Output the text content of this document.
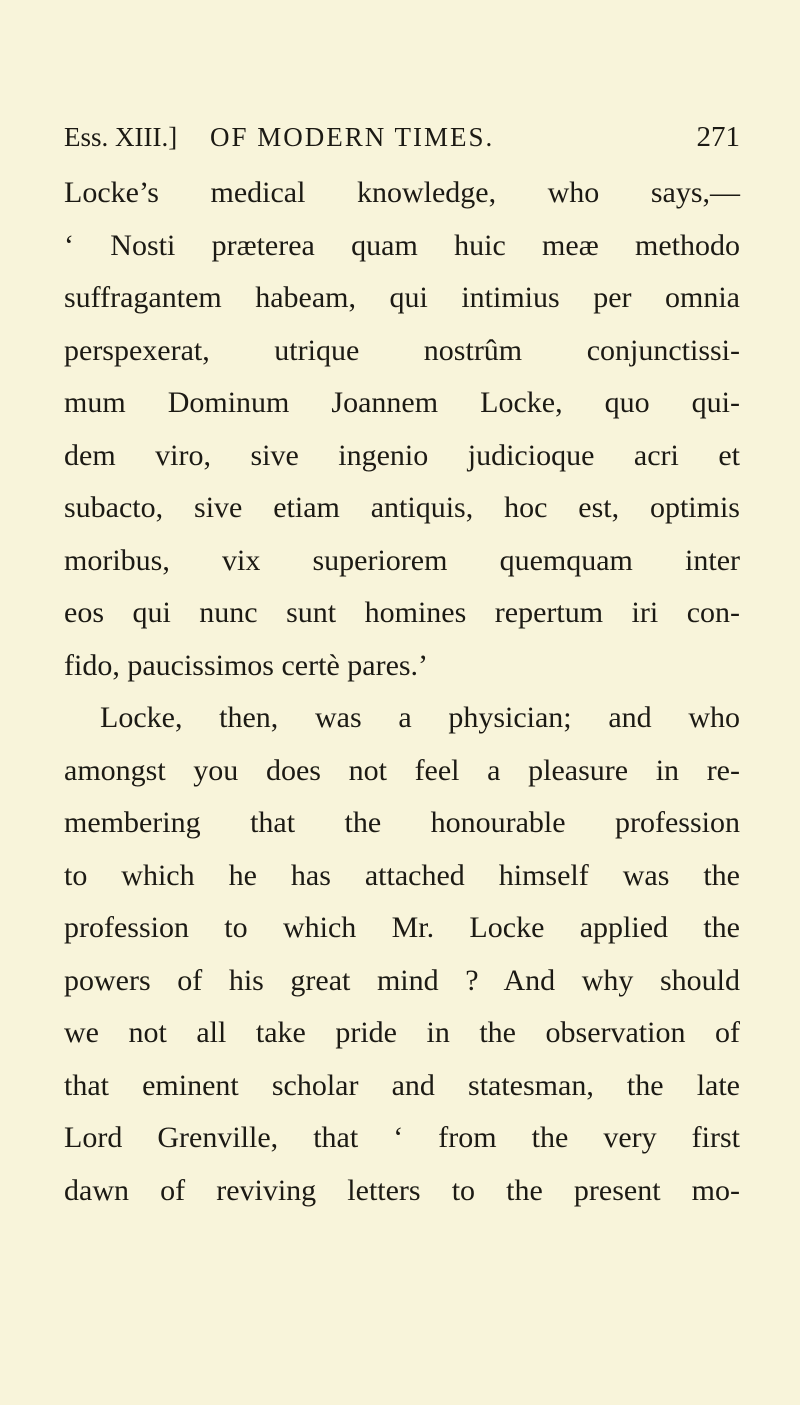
Ess. XIII.] OF MODERN TIMES.	271
Locke’s medical knowledge, who says,—
‘ Nosti præterea quam huic meæ methodo
suffragantem habeam, qui intimius per omnia
perspexerat, utrique nostrûm conjunctissi-
mum Dominum Joannem Locke, quo qui-
dem viro, sive ingenio judicioque acri et
subacto, sive etiam antiquis, hoc est, optimis
moribus, vix superiorem quemquam inter
eos qui nunc sunt homines repertum iri con-
fido, paucissimos certè pares.’
Locke, then, was a physician; and who
amongst you does not feel a pleasure in re-
membering that the honourable profession
to which he has attached himself was the
profession to which Mr. Locke applied the
powers of his great mind ? And why should
we not all take pride in the observation of
that eminent scholar and statesman, the late
Lord Grenville, that ‘ from the very first
dawn of reviving letters to the present mo-
